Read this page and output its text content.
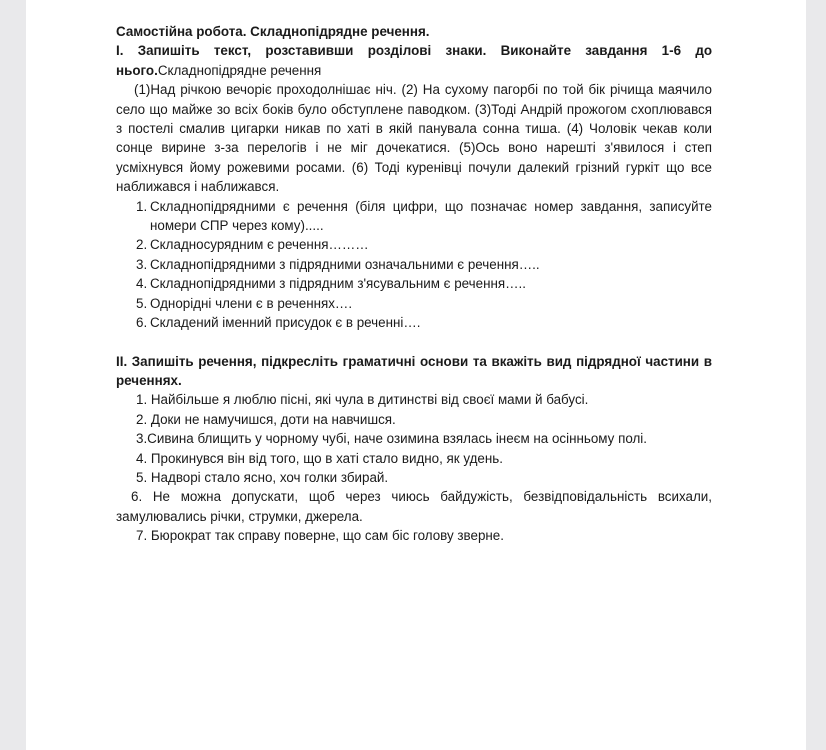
Самостійна робота. Складнопідрядне речення.
І. Запишіть текст, розставивши розділові знаки. Виконайте завдання 1-6 до нього.Складнопідрядне речення

(1)Над річкою вечоріє проходолнішає ніч. (2) На сухому пагорбі по той бік річища маячило село що майже зо всіх боків було обступлене паводком. (3)Тоді Андрій прожогом схоплювався з постелі смалив цигарки никав по хаті в якій панувала сонна тиша. (4) Чоловік чекав коли сонце вирине з-за перелогів і не міг дочекатися. (5)Ось воно нарешті з'явилося і степ усміхнувся йому рожевими росами. (6) Тоді куренівці почули далекий грізний гуркіт що все наближався і наближався.

1. Складнопідрядними є речення (біля цифри, що позначає номер завдання, записуйте номери СПР через кому).....
2. Складносурядним є речення………
3. Складнопідрядними з підрядними означальними є речення…..
4. Складнопідрядними з підрядним з'ясувальним є речення…..
5. Однорідні члени є в реченнях….
6. Складений іменний присудок є в реченні….
ІІ. Запишіть речення, підкресліть граматичні основи та вкажіть вид підрядної частини в реченнях.
1. Найбільше я люблю пісні, які чула в дитинстві від своєї мами й бабусі.
2. Доки не намучишся, доти на навчишся.
3.Сивина блищить у чорному чубі, наче озимина взялась інеєм на осінньому полі.
4. Прокинувся він від того, що в хаті стало видно, як удень.
5. Надворі стало ясно, хоч голки збирай.
6. Не можна допускати, щоб через чиюсь байдужість, безвідповідальність всихали, замулювались річки, струмки, джерела.
7. Бюрократ так справу поверне, що сам біс голову зверне.
